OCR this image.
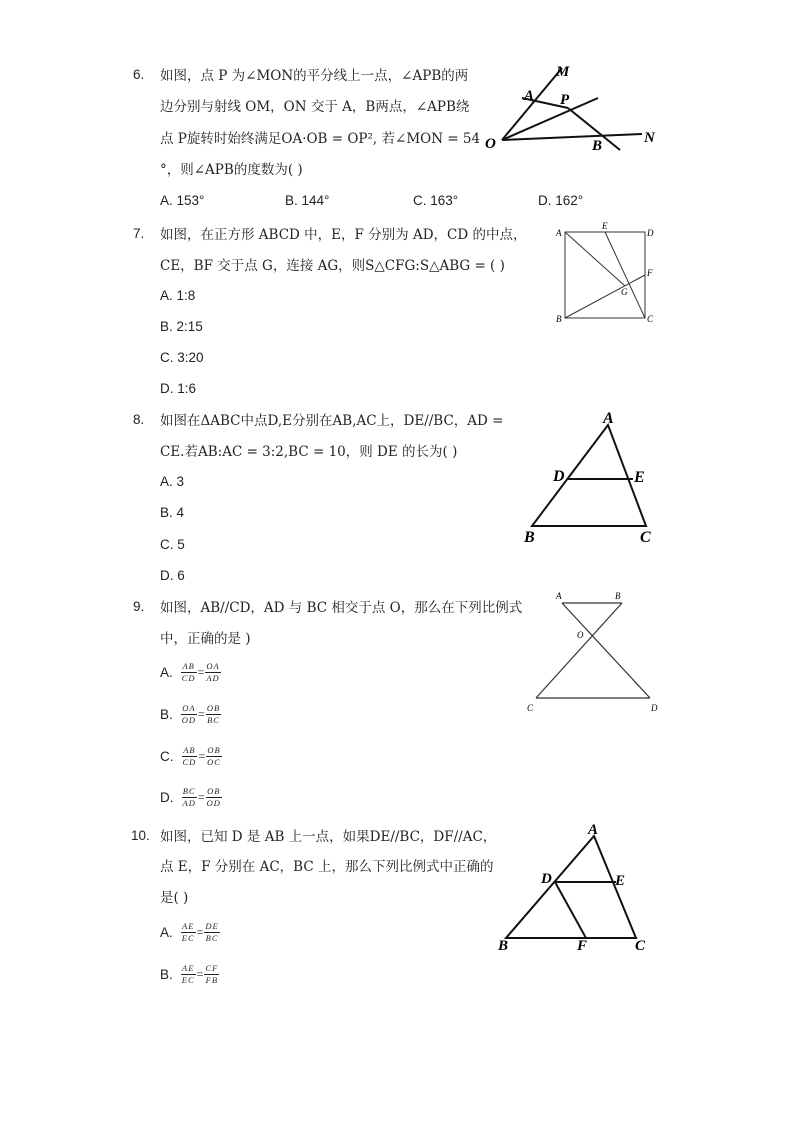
6. 如图，点 P 为∠MON的平分线上一点，∠APB的两
边分别与射线 OM，ON 交于 A，B两点，∠APB绕
点 P旋转时始终满足OA·OB = OP², 若∠MON = 54
°，则∠APB的度数为( )
A. 153°	B. 144°	C. 163°	D. 162°
M
A P
O	B	N
7. 如图，在正方形 ABCD 中，E，F 分别为 AD，CD 的中点，
CE，BF 交于点 G，连接 AG，则S△CFG:S△ABG = ( )
A. 1:8
B. 2:15
C. 3:20
D. 1:6
A
E
D
F
G
B	C
8. 如图在ΔABC中点D,E分别在AB,AC上，DE//BC，AD =
CE.若AB:AC = 3:2,BC = 10，则 DE 的长为( )
A. 3
B. 4
C. 5
D. 6
A
D	E
B	C
9. 如图，AB//CD，AD 与 BC 相交于点 O，那么在下列比例式
中，正确的是 )
A. $\frac{AB}{CD} = \frac{OA}{AD}$
B. $\frac{OA}{OD} = \frac{OB}{BC}$
C. $\frac{AB}{CD} = \frac{OB}{OC}$
D. $\frac{BC}{AD} = \frac{OB}{OD}$
A	B
O
C	D
10. 如图，已知 D 是 AB 上一点，如果DE//BC，DF//AC，
点 E，F 分别在 AC，BC 上，那么下列比例式中正确的
是( )
A. $\frac{AE}{EC} = \frac{DE}{BC}$
B. $\frac{AE}{EC} = \frac{CF}{FB}$
A
D	E
B	F	C
